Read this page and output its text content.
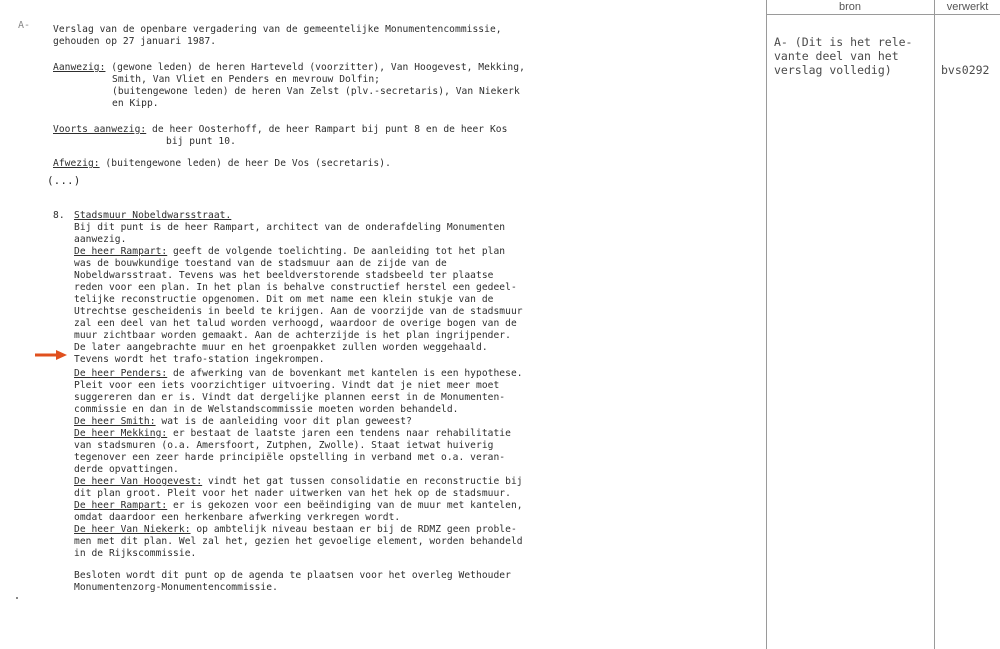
A- Verslag van de openbare vergadering van de gemeentelijke Monumentencommissie,
gehouden op 27 januari 1987.
Aanwezig: (gewone leden) de heren Harteveld (voorzitter), Van Hoogevest, Mekking,
Smith, Van Vliet en Penders en mevrouw Dolfin;
(buitengewone leden) de heren Van Zelst (plv.-secretaris), Van Niekerk
en Kipp.
Voorts aanwezig: de heer Oosterhoff, de heer Rampart bij punt 8 en de heer Kos
bij punt 10.
Afwezig: (buitengewone leden) de heer De Vos (secretaris).
(...)
8. Stadsmuur Nobeldwarsstraat.
Bij dit punt is de heer Rampart, architect van de onderafdeling Monumenten
aanwezig.
De heer Rampart: geeft de volgende toelichting. De aanleiding tot het plan
was de bouwkundige toestand van de stadsmuur aan de zijde van de
Nobeldwarsstraat. Tevens was het beeldverstorende stadsbeeld ter plaatse
reden voor een plan. In het plan is behalve constructief herstel een gedeel-
telijke reconstructie opgenomen. Dit om met name een klein stukje van de
Utrechtse gescheidenis in beeld te krijgen. Aan de voorzijde van de stadsmuur
zal een deel van het talud worden verhoogd, waardoor de overige bogen van de
muur zichtbaar worden gemaakt. Aan de achterzijde is het plan ingrijpender.
De later aangebrachte muur en het groenpakket zullen worden weggehaald.
Tevens wordt het trafo-station ingekrompen.
De heer Penders: de afwerking van de bovenkant met kantelen is een hypothese.
Pleit voor een iets voorzichtiger uitvoering. Vindt dat je niet meer moet
suggereren dan er is. Vindt dat dergelijke plannen eerst in de Monumenten-
commissie en dan in de Welstandscommissie moeten worden behandeld.
De heer Smith: wat is de aanleiding voor dit plan geweest?
De heer Mekking: er bestaat de laatste jaren een tendens naar rehabilitatie
van stadsmuren (o.a. Amersfoort, Zutphen, Zwolle). Staat ietwat huiverig
tegenover een zeer harde principiële opstelling in verband met o.a. veran-
derde opvattingen.
De heer Van Hoogevest: vindt het gat tussen consolidatie en reconstructie bij
dit plan groot. Pleit voor het nader uitwerken van het hek op de stadsmuur.
De heer Rampart: er is gekozen voor een beëindiging van de muur met kantelen,
omdat daardoor een herkenbare afwerking verkregen wordt.
De heer Van Niekerk: op ambtelijk niveau bestaan er bij de RDMZ geen proble-
men met dit plan. Wel zal het, gezien het gevoelige element, worden behandeld
in de Rijkscommissie.
Besloten wordt dit punt op de agenda te plaatsen voor het overleg Wethouder
Monumentenzorg-Monumentencommissie.
bron	verwerkt
A- (Dit is het rele-
vante deel van het
verslag volledig)	bvs0292
